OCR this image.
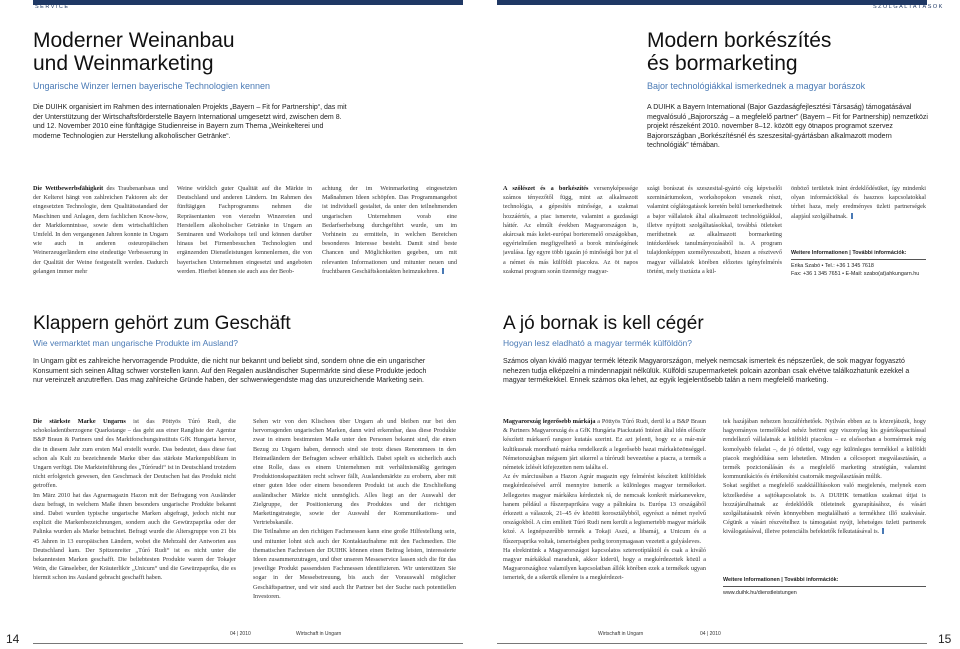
SERVICE	SZOLGÁLTATÁSOK
Moderner Weinanbau
und Weinmarketing
Ungarische Winzer lernen bayerische Technologien kennen
Die DUIHK organisiert im Rahmen des internationalen Projekts „Bayern – Fit for Partnership“, das mit der Unterstützung der Wirtschaftsförderstelle Bayern International umgesetzt wird, zwischen dem 8. und 12. November 2010 eine fünftägige Studienreise in Bayern zum Thema „Weinkelterei und moderne Technologien zur Herstellung alkoholischer Getränke“.
Die Wettbewerbsfähigkeit des Traubenanbaus und der Kelterei hängt von zahlreichen Faktoren ab: der eingesetzten Technologie, dem Qualitätsstandard der Maschinen und Anlagen, dem fachlichen Know-how, der Marktkenntnisse, sowie dem wirtschaftlichen Umfeld. In den vergangenen Jahren konnte in Ungarn wie auch in anderen osteuropäischen Weinerzeugerländern eine eindeutige Verbesserung in der Qualität der Weine festgestellt werden. Dadurch gelangen immer mehr
Weine wirklich guter Qualität auf die Märkte in Deutschland und anderen Ländern. Im Rahmen des fünftägigen Fachprogramms nehmen die Repräsentanten von vierzehn Winzereien und Herstellern alkoholischer Getränke in Ungarn an Seminaren und Workshops teil und können darüber hinaus bei Firmenbesuchen Technologien und ergänzenden Dienstleistungen kennenlernen, die von bayerischen Unternehmen eingesetzt und angeboten werden. Hierbei können sie auch aus der Beob-
achtung der im Weinmarketing eingesetzten Maßnahmen Ideen schöpfen. Das Programmangebot ist individuell gestaltet, da unter den teilnehmenden ungarischen Unternehmen vorab eine Bedarfserhebung durchgeführt wurde, um im Vorhinein zu ermitteln, in welchen Bereichen besonderes Interesse besteht. Damit sind beste Chancen und Möglichkeiten gegeben, um mit relevanten Informationen und mitunter neuen und fruchtbaren Geschäftskontakten heimzukehren.
Modern borkészítés
és bormarketing
Bajor technológiákkal ismerkednek a magyar borászok
A DUIHK a Bayern International (Bajor Gazdaságfejlesztési Társaság) támogatásával megvalósuló „Bajorország – a megfelelő partner” (Bayern – Fit for Partnership) nemzetközi projekt részeként 2010. november 8–12. között egy ötnapos programot szervez Bajorországban „Borkészítésnél és szeszesital-gyártásban alkalmazott modern technológiák” témában.
A szőlészet és a borkészítés versenyképessége számos tényezőtől függ, mint az alkalmazott technológia, a gépesítés minősége, a szakmai hozzáértés, a piac ismerete, valamint a gazdasági háttér. Az elmúlt években Magyarországon is, akárcsak más kelet-európai borteremelő országokban, egyértelműen megfigyelhető a borok minőségének javulása. Így egyre több igazán jó minőségű bor jut el a német és más külföldi piacokra. Az öt napos szakmai program során tizennégy magyar-
szági borászat és szeszesital-gyártó cég képviselői szemináriumokon, workshopokon vesznek részt, valamint céglátogatások keretén belül ismerkedhetnek a bajor vállalatok által alkalmazott technológiákkal, illetve nyújtott szolgáltatásokkal, továbbá ötleteket meríthetnek az alkalmazott bormarketing intézkedések tanulmányozásából is. A program tulajdonképpen személyreszabott, hiszen a résztvevő magyar vállalatok körében előzetes igényfelmérés történt, mely tisztázta a kül-
önböző területek iránt érdeklődésüket, így mindenki olyan információkkal és hasznos kapcsolatokkal térhet haza, mely eredményes üzleti partnerségek alapjául szolgálhatnak.
Weitere Informationen | További információk:
Erika Szabó • Tel.: +36 1 345 7618
Fax: +36 1 345 7651 • E-Mail: szabo(at)ahkungarn.hu
Klappern gehört zum Geschäft
Wie vermarktet man ungarische Produkte im Ausland?
In Ungarn gibt es zahlreiche hervorragende Produkte, die nicht nur bekannt und beliebt sind, sondern ohne die ein ungarischer Konsument sich seinen Alltag schwer vorstellen kann. Auf den Regalen ausländischer Supermärkte sind diese Produkte jedoch nur vereinzelt anzutreffen. Das mag zahlreiche Gründe haben, der schwerwiegendste mag das unzureichende Marketing sein.
Die stärkste Marke Ungarns ist das Pöttyös Túró Rudi, die schokoladenüberzogene Quarkstange – das geht aus einer Rangliste der Agentur B&P Braun & Partners und des Marktforschungsinstituts GfK Hungaria hervor, die in diesem Jahr zum ersten Mal erstellt wurde. Das bedeutet, dass diese fast schon als Kult zu bezeichnende Marke über das stärkste Markenpublikum in Ungarn verfügt. Die Markteinführung des „Túrórudi“ ist in Deutschland trotzdem nicht erfolgreich gewesen, den Geschmack der Deutschen hat das Produkt nicht getroffen.
Im März 2010 hat das Agrarmagazin Hazon mit der Befragung von Ausländer dazu befragt, in welchem Maße ihnen besonders ungarische Produkte bekannt sind. Dabei wurden typische ungarische Marken abgefragt, jedoch nicht nur explizit die Markenbezeichnungen, sondern auch die Gewürzpaprika oder der Palinka wurden als Marke betrachtet. Befragt wurde die Altersgruppe von 21 bis 45 Jahren in 13 europäischen Ländern, wobei die Mehrzahl der Antworten aus Deutschland kam. Der Spitzenreiter „Túró Rudi“ ist es nicht unter die bekanntesten Marken geschafft. Die beliebtesten Produkte waren der Tokajer Wein, die Gänseleber, der Kräuterlikör „Unicum“ und die Gewürzpaprika, die es hiermit schon ins Ausland gebracht geschafft haben.
Sehen wir von den Klischees über Ungarn ab und bleiben nur bei den hervorragenden ungarischen Marken, dann wird erkennbar, dass diese Produkte zwar in einem bestimmten Maße unter den Personen bekannt sind, die einen Bezug zu Ungarn haben, dennoch sind sie trotz dieses Renommees in den Heimatländern der Befragten schwer erhältlich. Dabei spielt es sicherlich auch eine Rolle, dass es einem Unternehmen mit verhältnismäßig geringen Produktionskapazitäten recht schwer fällt, Auslandsmärkte zu erobern, aber mit einer guten Idee oder einem besonderen Produkt ist auch die Erschließung ausländischer Märkte nicht unmöglich. Alles liegt an der Auswahl der Zielgruppe, der Positionierung des Produktes und der richtigen Marketingstrategie, sowie der Auswahl der Kommunikations- und Vertriebskanäle.
Die Teilnahme an den richtigen Fachmessen kann eine große Hilfestellung sein, und mitunter lohnt sich auch der Kontaktaufnahme mit den Fachmedien. Die thematischen Fachreisen der DUIHK können einen Beitrag leisten, interessierte Ideen zusammenzutragen, und über unseren Messeservice lassen sich die für das jeweilige Produkt passendsten Fachmessen identifizieren. Wir unterstützen Sie sogar in der Messebetreuung, bis auch der Vorauswahl möglicher Geschäftspartner, und wir sind auch Ihr Partner bei der Suche nach potentiellen Investoren.
A jó bornak is kell cégér
Hogyan lesz eladható a magyar termék külföldön?
Számos olyan kiváló magyar termék létezik Magyarországon, melyek nemcsak ismertek és népszerűek, de sok magyar fogyasztó nehezen tudja elképzelni a mindennapjait nélkülük. Külföldi szupermarketek polcain azonban csak elvétve találkozhatunk ezekkel a magyar termékekkel. Ennek számos oka lehet, az egyik legjelentősebb talán a nem megfelelő marketing.
Magyarország legerősebb márkája a Pöttyös Túró Rudi, derül ki a B&P Braun & Partners Magyarország és a GfK Hungária Piackutató Intézet által idén először készített márkaerő rangsor kutatás szerint. Ez azt jelenti, hogy ez a már-már kultikusnak mondható márka rendelkezik a legerősebb hazai márkaközönséggel. Németországban mégsem járt sikerrel a túrórudi bevezetése a piacra, a termék a németek ízlését kifejezetten nem találta el.
Az év márciusában a Hazon Agrár magazin egy felmérést készített külföldiek megkérdezésével arról mennyire ismerik a különleges magyar termékeket. Jellegzetes magyar márkákra kérdeztek rá, de nemcsak konkrét márkanevekre, hanem például a fűszerpaprikára vagy a pálinkára is. Európa 13 országából érkezett a válaszok, 21–45 év közötti korosztálybból, egyrészt a német nyelvű országokból. A cím említett Túró Rudi nem került a legismertebb magyar márkák közé. A legnépszerűbb termék a Tokaji Aszú, a libamáj, a Unicum és a fűszerpaprika voltak, ismertségben pedig toronymagasan vezetett a gulyásleves.
Ha elrekintünk a Magyarországot kapcsolatos sztereotípiáktól és csak a kiváló magyar márkákkal maradunk, akkor kiderül, hogy a megkérdezettek közül a Magyarországhoz valamilyen kapcsolatban állók körében ezek a termékek ugyan ismertek, de a sikerük ellenére is a megkérdezet-
tek hazájában nehezen hozzáférhetőek. Nyilván ebben az is közrejátszik, hogy hagyományos termelőkkel nehéz betörni egy viszonylag kis gyártókapacitással rendelkező vállalatnak a külföldi piacokra – ez elsősorban a bormérmek még komolyabb feladat –, de jó ötlettel, vagy egy különleges termékkel a külföldi piacok meghódítása sem lehetetlen. Minden a célcsoport megválasztásán, a termék pozicionálásán és a megfelelő marketing stratégián, valamint kommunikációs és értékesítési csatornák megválasztásán múlik.
Sokat segíthet a megfelelő szakkiállításokon való megjelenés, melynek ezen közelkedése a sajtókapcsolatok is. A DUIHK tematikus szakmai útjai is hozzájárulhatnak az érdeklődők ötleteinek gyarapításához, és vásári szolgáltatásaink révén könnyebben megtalálható a termékhez illő szakvásár. Cégünk a vásári részvételhez is támogatást nyújt, lehetséges üzleti partnerek kiválogatásával, illetve potenciális befektetők felkutatásával is.
Weitere Informationen | További információk:
www.duihk.hu/dienstleistungen
14	04 | 2010	Wirtschaft in Ungarn	Wirtschaft in Ungarn	04 | 2010	15
